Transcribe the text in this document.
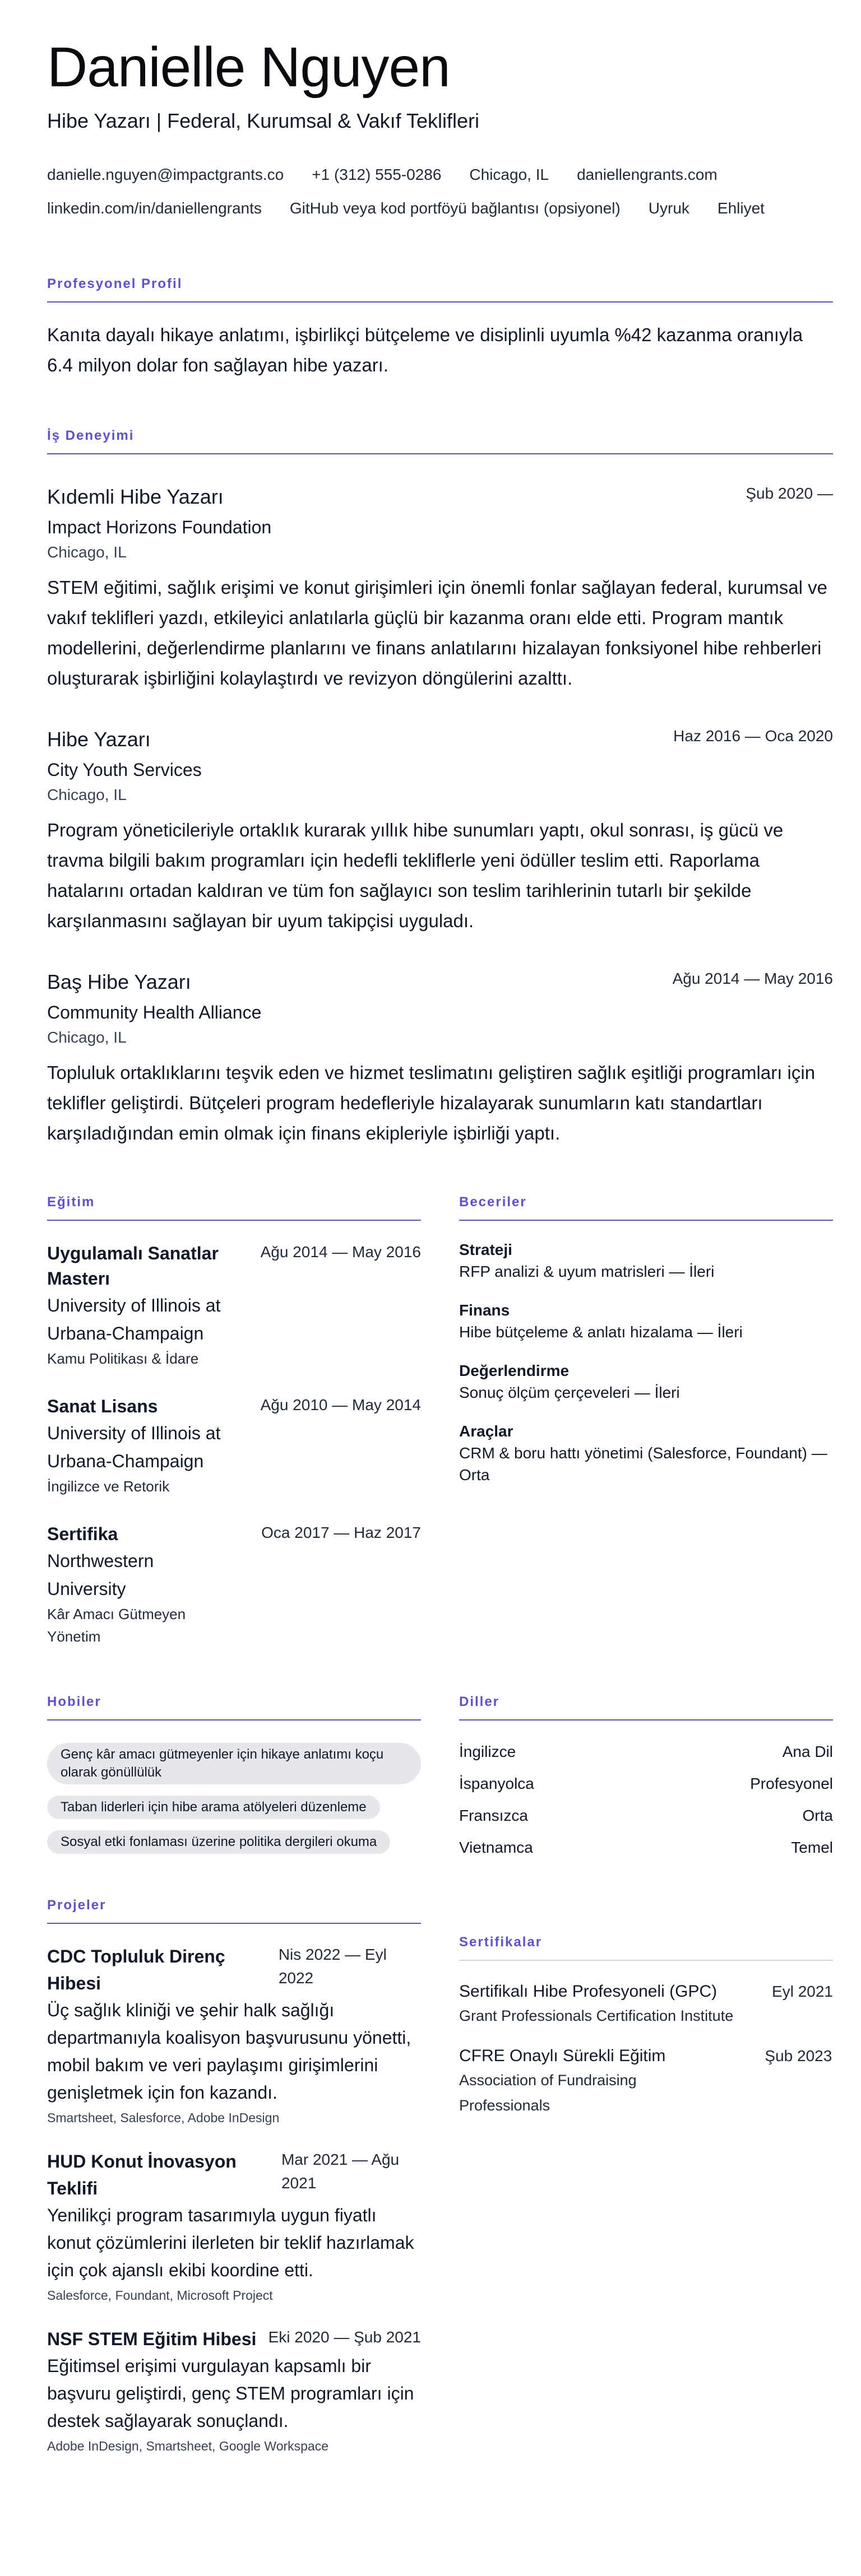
Danielle Nguyen
Hibe Yazarı | Federal, Kurumsal & Vakıf Teklifleri
danielle.nguyen@impactgrants.co +1 (312) 555-0286 Chicago, IL daniellengrants.com
linkedin.com/in/daniellengrants GitHub veya kod portföyü bağlantısı (opsiyonel) Uyruk Ehliyet
Profesyonel Profil

Kanıta dayalı hikaye anlatımı, işbirlikçi bütçeleme ve disiplinli uyumla %42 kazanma oranıyla 6.4 milyon dolar fon sağlayan hibe yazarı.

İş Deneyimi
Kıdemli Hibe Yazarı	Şub 2020 —
Impact Horizons Foundation
Chicago, IL

STEM eğitimi, sağlık erişimi ve konut girişimleri için önemli fonlar sağlayan federal, kurumsal ve vakıf teklifleri yazdı, etkileyici anlatılarla güçlü bir kazanma oranı elde etti. Program mantık modellerini, değerlendirme planlarını ve finans anlatılarını hizalayan fonksiyonel hibe rehberleri oluşturarak işbirliğini kolaylaştırdı ve revizyon döngülerini azalttı.

Hibe Yazarı	Haz 2016 — Oca 2020
City Youth Services
Chicago, IL

Program yöneticileriyle ortaklık kurarak yıllık hibe sunumları yaptı, okul sonrası, iş gücü ve travma bilgili bakım programları için hedefli tekliflerle yeni ödüller teslim etti. Raporlama hatalarını ortadan kaldıran ve tüm fon sağlayıcı son teslim tarihlerinin tutarlı bir şekilde karşılanmasını sağlayan bir uyum takipçisi uyguladı.

Baş Hibe Yazarı	Ağu 2014 — May 2016
Community Health Alliance
Chicago, IL

Topluluk ortaklıklarını teşvik eden ve hizmet teslimatını geliştiren sağlık eşitliği programları için teklifler geliştirdi. Bütçeleri program hedefleriyle hizalayarak sunumların katı standartları karşıladığından emin olmak için finans ekipleriyle işbirliği yaptı.

Eğitim
Uygulamalı Sanatlar Masterı
University of Illinois at Urbana-Champaign
Kamu Politikası & İdare
Ağu 2014 — May 2016
Sanat Lisans
University of Illinois at Urbana-Champaign
İngilizce ve Retorik
Ağu 2010 — May 2014
Sertifika
Northwestern University
Kâr Amacı Gütmeyen Yönetim
Oca 2017 — Haz 2017
Beceriler
Strateji
RFP analizi & uyum matrisleri — İleri
Finans
Hibe bütçeleme & anlatı hizalama — İleri
Değerlendirme
Sonuç ölçüm çerçeveleri — İleri
Araçlar
CRM & boru hattı yönetimi (Salesforce, Foundant) — Orta
Hobiler
Genç kâr amacı gütmeyenler için hikaye anlatımı koçu olarak gönüllülük
Taban liderleri için hibe arama atölyeleri düzenleme
Sosyal etki fonlaması üzerine politika dergileri okuma
Diller
İngilizce	Ana Dil
İspanyolca	Profesyonel
Fransızca	Orta
Vietnamca	Temel
Projeler
CDC Topluluk Direnç Hibesi
Nis 2022 — Eyl 2022

Üç sağlık kliniği ve şehir halk sağlığı departmanıyla koalisyon başvurusunu yönetti, mobil bakım ve veri paylaşımı girişimlerini genişletmek için fon kazandı.

Smartsheet, Salesforce, Adobe InDesign
HUD Konut İnovasyon Teklifi
Mar 2021 — Ağu 2021

Yenilikçi program tasarımıyla uygun fiyatlı konut çözümlerini ilerleten bir teklif hazırlamak için çok ajanslı ekibi koordine etti.

Salesforce, Foundant, Microsoft Project
NSF STEM Eğitim Hibesi Eki 2020 — Şub 2021

Eğitimsel erişimi vurgulayan kapsamlı bir başvuru geliştirdi, genç STEM programları için destek sağlayarak sonuçlandı.

Adobe InDesign, Smartsheet, Google Workspace
Sertifikalar
Sertifikalı Hibe Profesyoneli (GPC)
Grant Professionals Certification Institute
Eyl 2021
CFRE Onaylı Sürekli Eğitim
Association of Fundraising Professionals
Şub 2023
